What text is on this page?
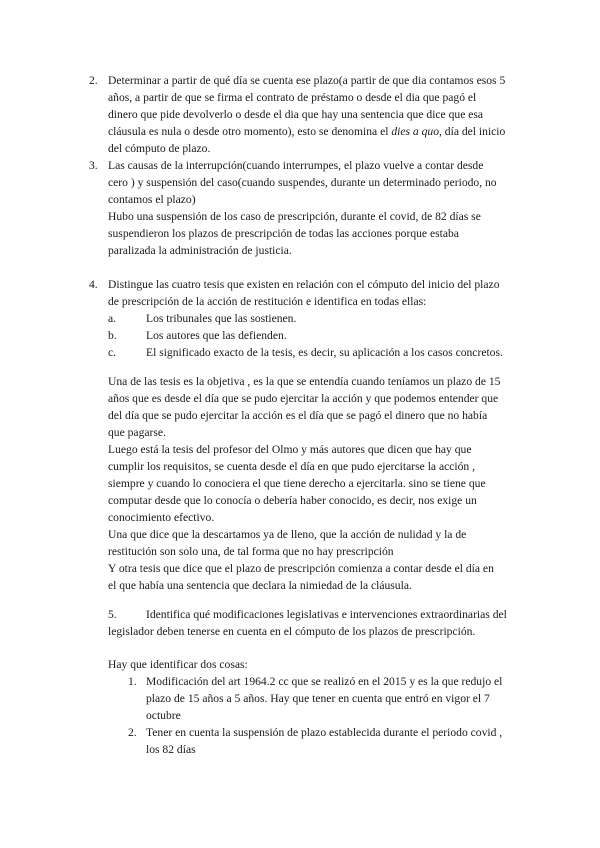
2. Determinar a partir de qué día se cuenta ese plazo(a partir de que dia contamos esos 5
años, a partir de que se firma el contrato de préstamo o desde el dia que pagó el
dinero que pide devolverlo o desde el dia que hay una sentencia que dice que esa
cláusula es nula o desde otro momento), esto se denomina el dies a quo, día del inicio
del cómputo de plazo.
3. Las causas de la interrupción(cuando interrumpes, el plazo vuelve a contar desde
cero ) y suspensión del caso(cuando suspendes, durante un determinado periodo, no
contamos el plazo)
Hubo una suspensión de los caso de prescripción, durante el covid, de 82 días se
suspendieron los plazos de prescripción de todas las acciones porque estaba
paralizada la administración de justicia.
4. Distingue las cuatro tesis que existen en relación con el cómputo del inicio del plazo
de prescripción de la acción de restitución e identifica en todas ellas:
a.	Los tribunales que las sostienen.
b.	Los autores que las defienden.
c.	El significado exacto de la tesis, es decir, su aplicación a los casos concretos.
Una de las tesis es la objetiva , es la que se entendía cuando teníamos un plazo de 15
años que es desde el día que se pudo ejercitar la acción y que podemos entender que
del día que se pudo ejercitar la acción es el día que se pagó el dinero que no había
que pagarse.
Luego está la tesis del profesor del Olmo y más autores que dicen que hay que
cumplir los requisitos, se cuenta desde el día en que pudo ejercitarse la acción ,
siempre y cuando lo conociera el que tiene derecho a ejercitarla. sino se tiene que
computar desde que lo conocía o debería haber conocido, es decir, nos exige un
conocimiento efectivo.
Una que dice que la descartamos ya de lleno, que la acción de nulidad y la de
restitución son solo una, de tal forma que no hay prescripción
Y otra tesis que dice que el plazo de prescripción comienza a contar desde el día en
el que había una sentencia que declara la nimiedad de la cláusula.
5.	Identifica qué modificaciones legislativas e intervenciones extraordinarias del
legislador deben tenerse en cuenta en el cómputo de los plazos de prescripción.
Hay que identificar dos cosas:
1. Modificación del art 1964.2 cc que se realizó en el 2015 y es la que redujo el
plazo de 15 años a 5 años. Hay que tener en cuenta que entró en vigor el 7
octubre
2. Tener en cuenta la suspensión de plazo establecida durante el periodo covid ,
los 82 días
